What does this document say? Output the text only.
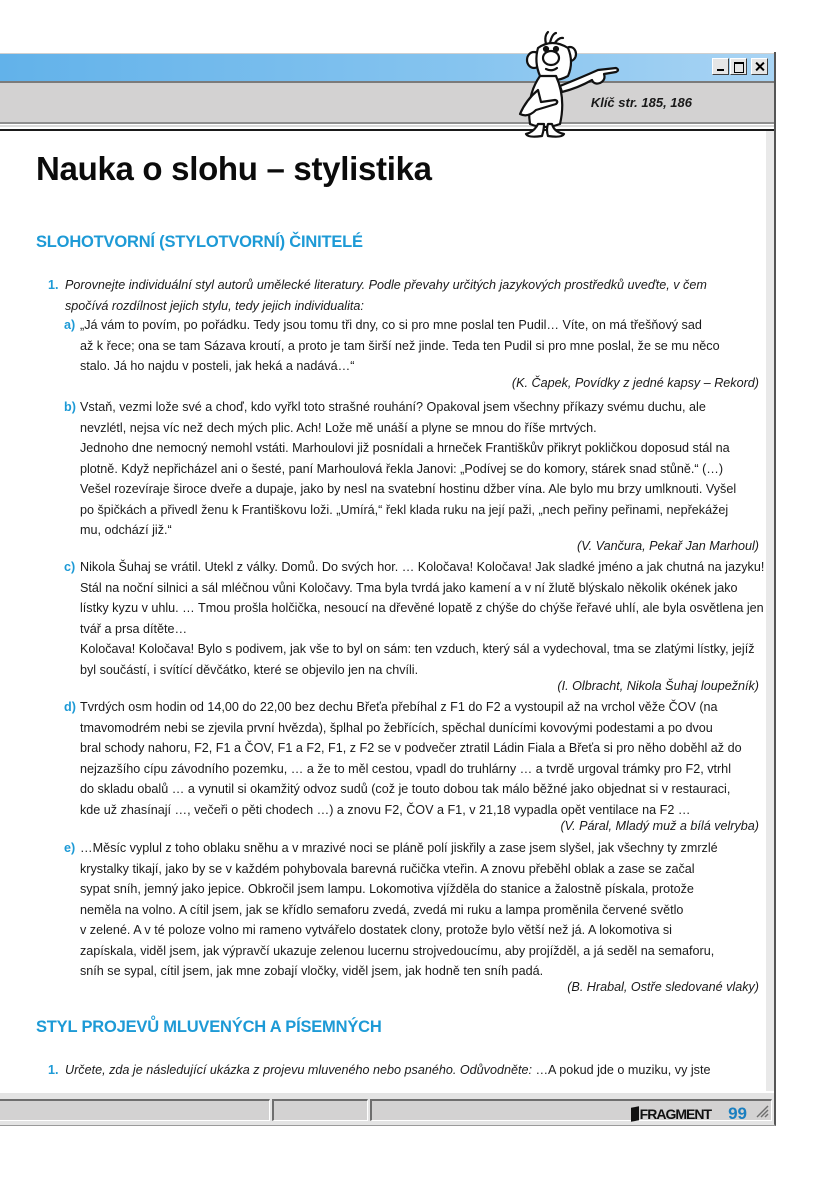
Klíč str. 185, 186
Nauka o slohu – stylistika
SLOHOTVORNÍ (STYLOTVORNÍ) ČINITELÉ
1. Porovnejte individuální styl autorů umělecké literatury. Podle převahy určitých jazykových prostředků uveďte, v čem
spočívá rozdílnost jejich stylu, tedy jejich individualita:
a) „Já vám to povím, po pořádku. Tedy jsou tomu tři dny, co si pro mne poslal ten Pudil… Víte, on má třešňový sad
až k řece; ona se tam Sázava kroutí, a proto je tam širší než jinde. Teda ten Pudil si pro mne poslal, že se mu něco
stalo. Já ho najdu v posteli, jak heká a nadává…“
(K. Čapek, Povídky z jedné kapsy – Rekord)
b) Vstaň, vezmi lože své a choď, kdo vyřkl toto strašné rouhání? Opakoval jsem všechny příkazy svému duchu, ale
nevzlétl, nejsa víc než dech mých plic. Ach! Lože mě unáší a plyne se mnou do říše mrtvých.
Jednoho dne nemocný nemohl vstáti. Marhoulovi již posnídali a hrneček Františkův přikryt pokličkou doposud stál na
plotně. Když nepřicházel ani o šesté, paní Marhoulová řekla Janovi: „Podívej se do komory, stárek snad stůně.“ (…)
Vešel rozevíraje široce dveře a dupaje, jako by nesl na svatební hostinu džber vína. Ale bylo mu brzy umlknouti. Vyšel
po špičkách a přivedl ženu k Františkovu loži. „Umírá,“ řekl klada ruku na její paži, „nech peřiny peřinami, nepřekážej
mu, odchází již.“
(V. Vančura, Pekař Jan Marhoul)
c) Nikola Šuhaj se vrátil. Utekl z války. Domů. Do svých hor. … Koločava! Koločava! Jak sladké jméno a jak chutná na jazyku!
Stál na noční silnici a sál mléčnou vůni Koločavy. Tma byla tvrdá jako kamení a v ní žlutě blýskalo několik okének jako
lístky kyzu v uhlu. … Tmou prošla holčička, nesoucí na dřevěné lopatě z chýše do chýše řeřavé uhlí, ale byla osvětlena jen
tvář a prsa dítěte…
Koločava! Koločava! Bylo s podivem, jak vše to byl on sám: ten vzduch, který sál a vydechoval, tma se zlatými lístky, jejíž
byl součástí, i svítící děvčátko, které se objevilo jen na chvíli.
(I. Olbracht, Nikola Šuhaj loupežník)
d) Tvrdých osm hodin od 14,00 do 22,00 bez dechu Břeťa přebíhal z F1 do F2 a vystoupil až na vrchol věže ČOV (na
tmavomodrém nebi se zjevila první hvězda), šplhal po žebřících, spěchal dunícími kovovými podestami a po dvou
bral schody nahoru, F2, F1 a ČOV, F1 a F2, F1, z F2 se v podvečer ztratil Ládin Fiala a Břeťa si pro něho doběhl až do
nejzazšího cípu závodního pozemku, … a že to měl cestou, vpadl do truhlárny … a tvrdě urgoval trámky pro F2, vtrhl
do skladu obalů … a vynutil si okamžitý odvoz sudů (což je toutо dobou tak málo běžné jako objednat si v restauraci,
kde už zhasínají …, večeři o pěti chodech …) a znovu F2, ČOV a F1, v 21,18 vypadla opět ventilace na F2 …
(V. Páral, Mladý muž a bílá velryba)
e) …Měsíc vyplul z toho oblaku sněhu a v mrazivé noci se pláně polí jiskřily a zase jsem slyšel, jak všechny ty zmrzlé
krystalky tikají, jako by se v každém pohybovala barevná ručička vteřin. A znovu přeběhl oblak a zase se začal
sypat sníh, jemný jako jepice. Obkročil jsem lampu. Lokomotiva vjížděla do stanice a žalostně pískala, protože
neměla na volno. A cítil jsem, jak se křídlo semaforu zvedá, zvedá mi ruku a lampa proměnila červené světlo
v zelené. A v té poloze volno mi rameno vytvářelo dostatek clony, protože bylo větší než já. A lokomotiva si
zapískala, viděl jsem, jak výpravčí ukazuje zelenou lucernu strojvedoucímu, aby projížděl, a já seděl na semaforu,
sníh se sypal, cítil jsem, jak mne zobají vločky, viděl jsem, jak hodně ten sníh padá.
(B. Hrabal, Ostře sledované vlaky)
STYL PROJEVŮ MLUVENÝCH A PÍSEMNÝCH
1. Určete, zda je následující ukázka z projevu mluveného nebo psaného. Odůvodněte: …A pokud jde o muziku, vy jste
FRAGMENT 99
